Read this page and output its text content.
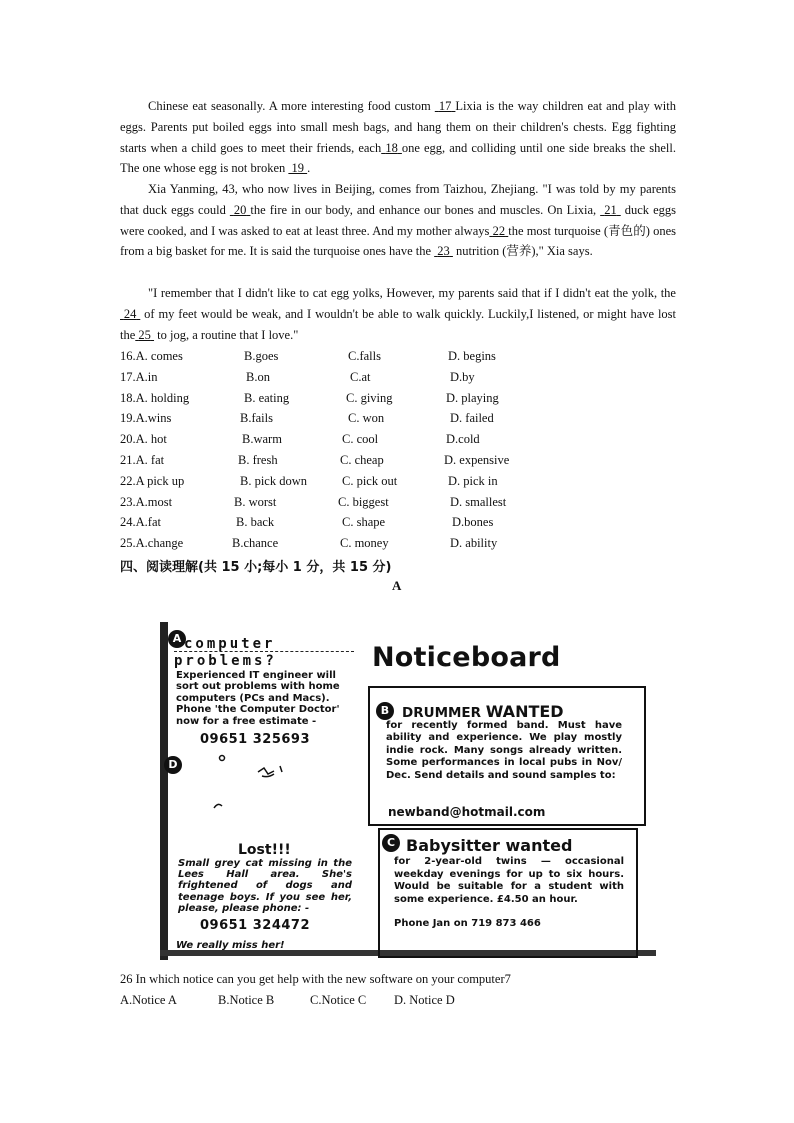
Chinese eat seasonally. A more interesting food custom  17 Lixia is the way children eat and play with eggs. Parents put boiled eggs into small mesh bags, and hang them on their children's chests. Egg fighting starts when a child goes to meet their friends, each 18 one egg, and colliding until one side breaks the shell. The one whose egg is not broken  19 .

Xia Yanming, 43, who now lives in Beijing, comes from Taizhou, Zhejiang. "I was told by my parents that duck eggs could  20 the fire in our body, and enhance our bones and muscles. On Lixia,  21  duck eggs were cooked, and I was asked to eat at least three. And my mother always 22 the most turquoise (青色的) ones from a big basket for me. It is said the turquoise ones have the  23  nutrition (营养)," Xia says.

"I remember that I didn't like to cat egg yolks, However, my parents said that if I didn't eat the yolk, the 24  of my feet would be weak, and I wouldn't be able to walk quickly. Luckily,I listened, or might have lost the 25  to jog, a routine that I love."

16.A. comes	B.goes	C.falls	D. begins
17.A.in	B.on	C.at	D.by
18.A. holding	B. eating	C. giving	D. playing
19.A.wins	B.fails	C. won	D. failed
20.A. hot	B.warm	C. cool	D.cold
21.A. fat	B. fresh	C. cheap	D. expensive
22.A pick up	B. pick down	C. pick out	D. pick in
23.A.most	B. worst	C. biggest	D. smallest
24.A.fat	B. back	C. shape	D.bones
25.A.change	B.chance	C. money	D. ability
四、阅读理解(共 15 小;每小 1 分，共 15 分)
A
Noticeboard
A computer
problems?
Experienced IT engineer will sort out problems with home computers (PCs and Macs). Phone 'the Computer Doctor' now for a free estimate -
09651 325693
D
B DRUMMER WANTED
for recently formed band. Must have ability and experience. We play mostly indie rock. Many songs already written. Some performances in local pubs in Nov/ Dec. Send details and sound samples to:
newband@hotmail.com
C Babysitter wanted
for 2-year-old twins — occasional weekday evenings for up to six hours. Would be suitable for a student with some experience. £4.50 an hour.
Phone Jan on 719 873 466
Lost!!!
Small grey cat missing in the Lees Hall area. She's frightened of dogs and teenage boys. If you see her, please, please phone: -
09651 324472
We really miss her!
26 In which notice can you get help with the new software on your computer7
A.Notice A	B.Notice B	C.Notice C D. Notice D
